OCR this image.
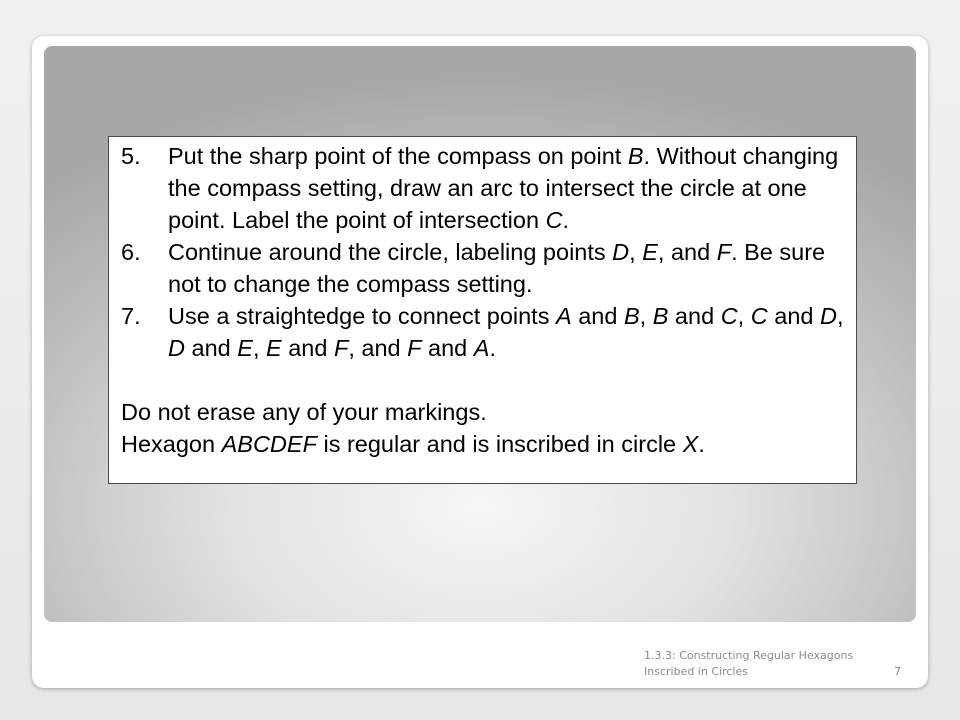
5.	Put the sharp point of the compass on point B. Without changing the compass setting, draw an arc to intersect the circle at one point. Label the point of intersection C.
6.	Continue around the circle, labeling points D, E, and F. Be sure not to change the compass setting.
7.	Use a straightedge to connect points A and B, B and C, C and D, D and E, E and F, and F and A.
Do not erase any of your markings.
Hexagon ABCDEF is regular and is inscribed in circle X.
1.3.3: Constructing Regular Hexagons Inscribed in Circles	7
